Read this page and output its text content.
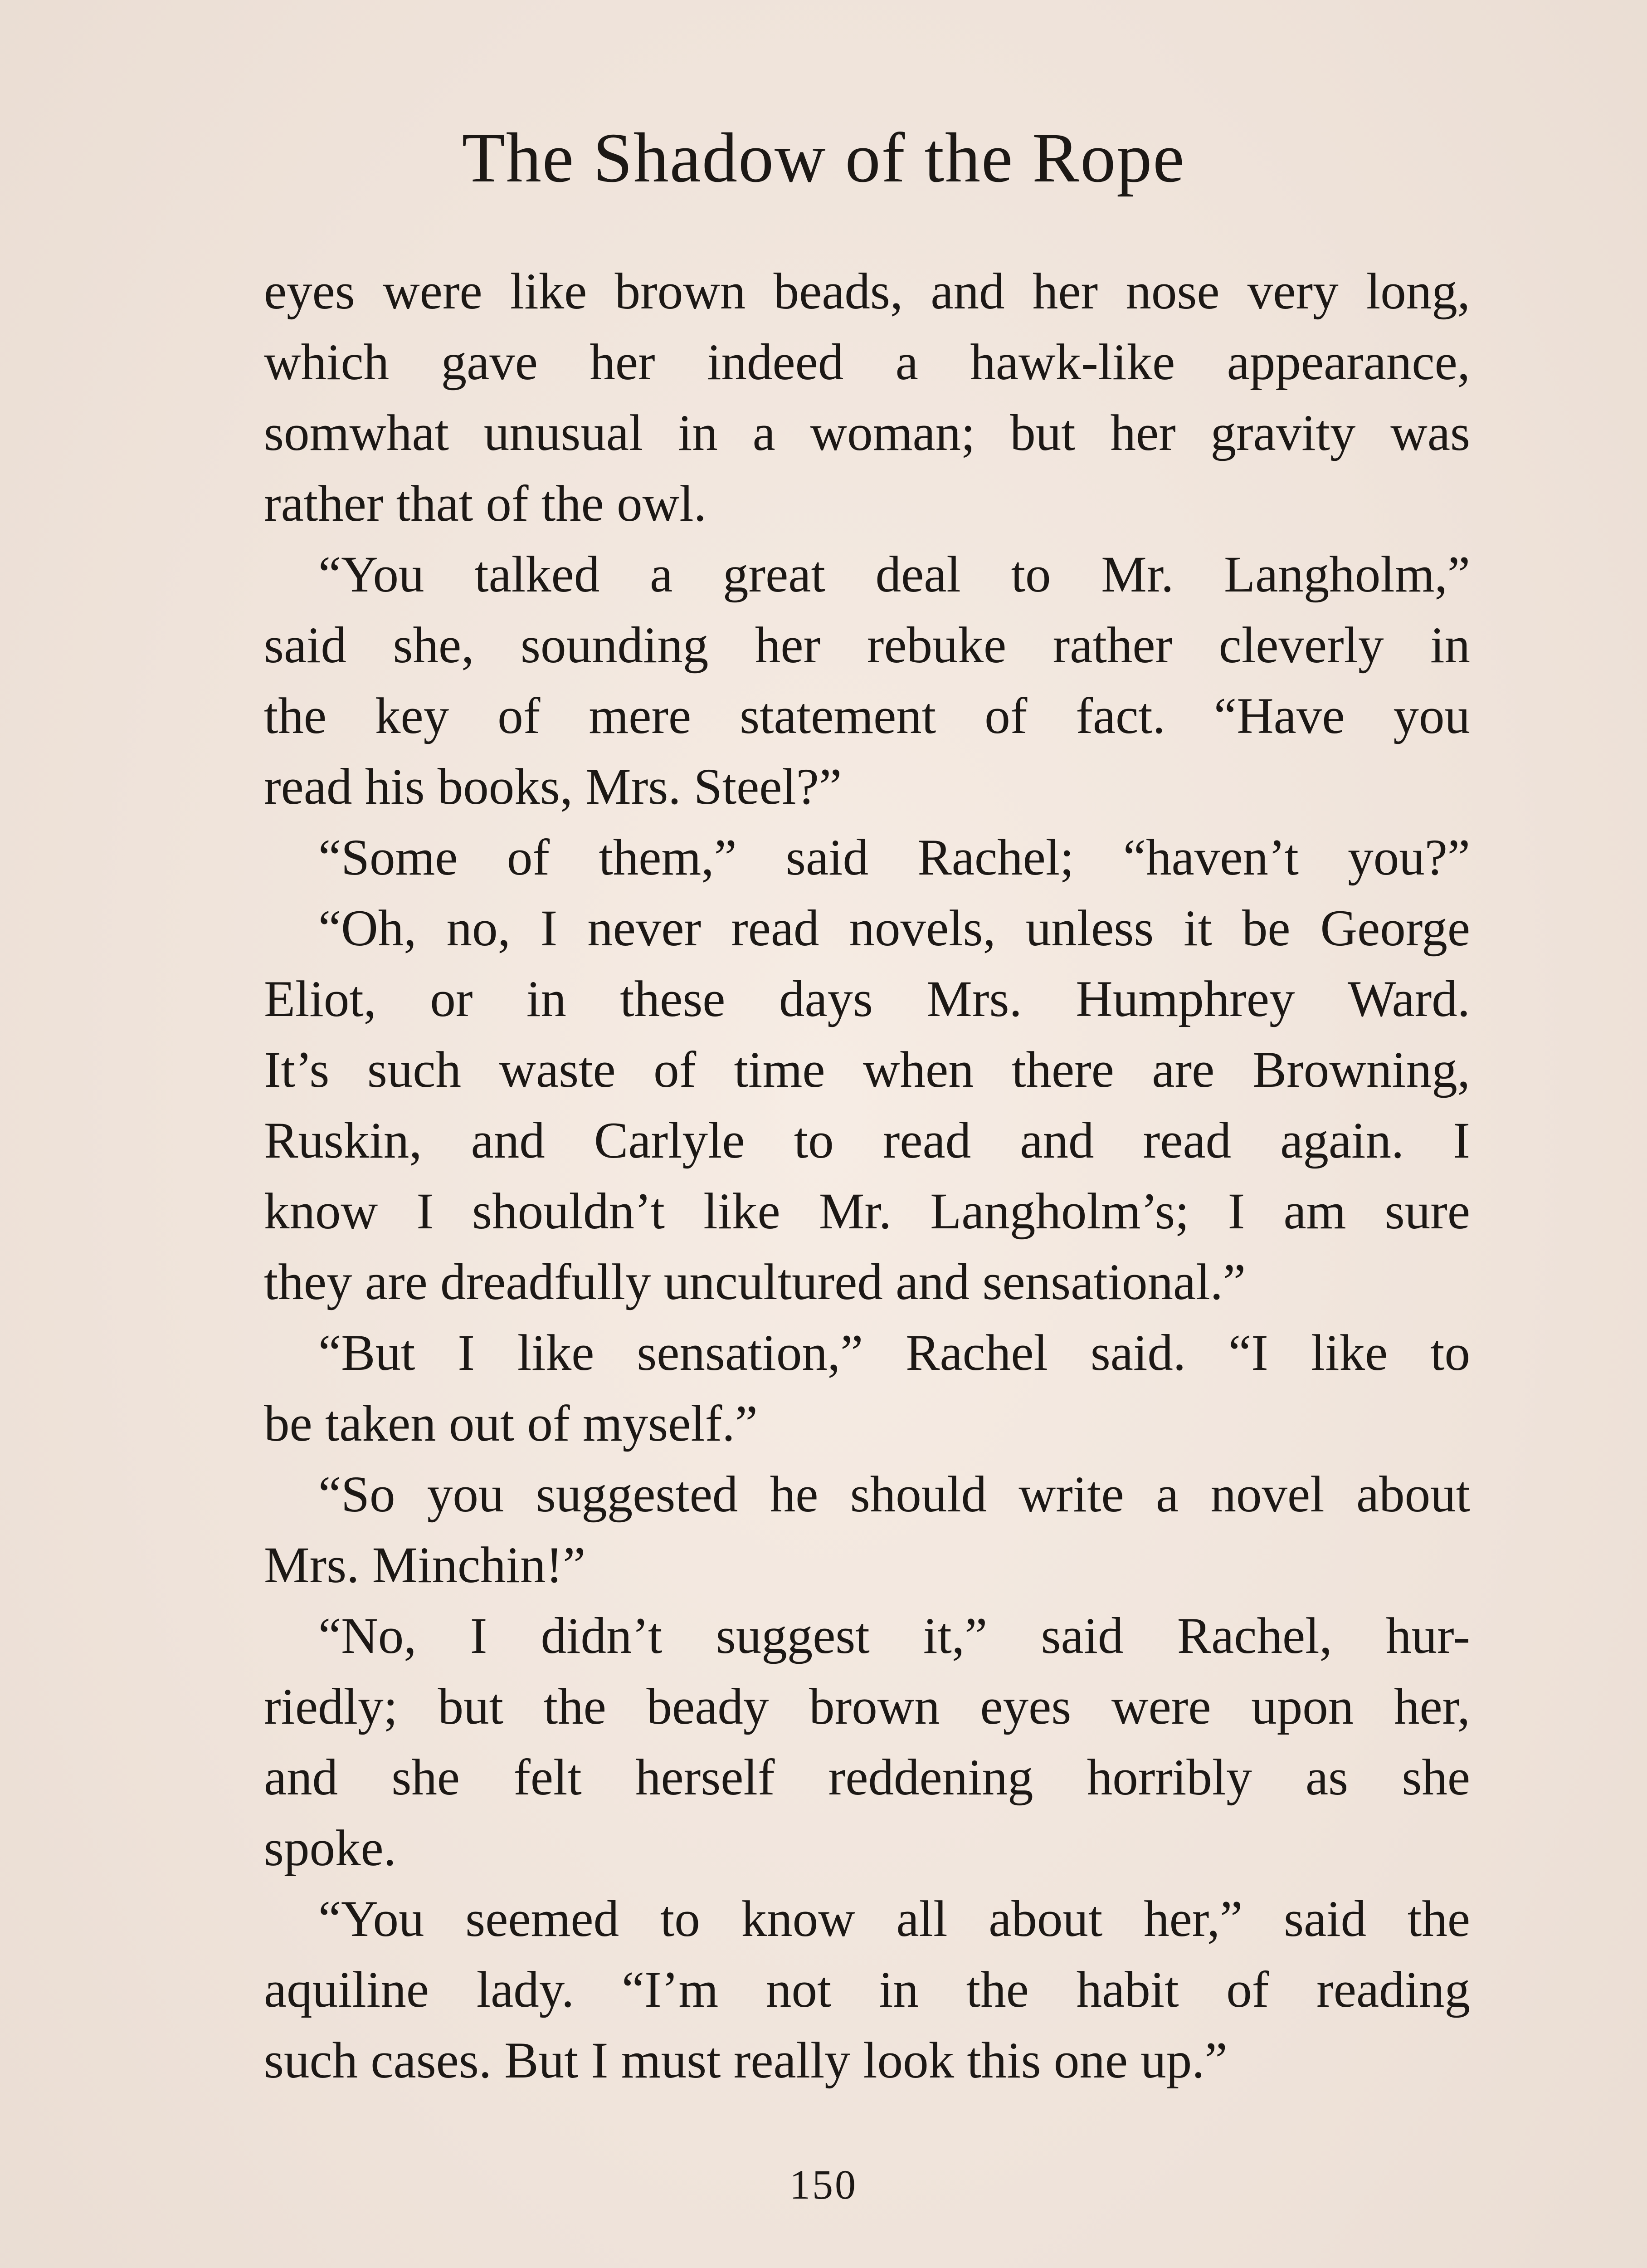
The Shadow of the Rope
eyes were like brown beads, and her nose very long,
which gave her indeed a hawk-like appearance,
somwhat unusual in a woman; but her gravity was
rather that of the owl.
“You talked a great deal to Mr. Langholm,”
said she, sounding her rebuke rather cleverly in
the key of mere statement of fact. “Have you
read his books, Mrs. Steel?”
“Some of them,” said Rachel; “haven’t you?”
“Oh, no, I never read novels, unless it be George
Eliot, or in these days Mrs. Humphrey Ward.
It’s such waste of time when there are Browning,
Ruskin, and Carlyle to read and read again. I
know I shouldn’t like Mr. Langholm’s; I am sure
they are dreadfully uncultured and sensational.”
“But I like sensation,” Rachel said. “I like to
be taken out of myself.”
“So you suggested he should write a novel about
Mrs. Minchin!”
“No, I didn’t suggest it,” said Rachel, hur-
riedly; but the beady brown eyes were upon her,
and she felt herself reddening horribly as she
spoke.
“You seemed to know all about her,” said the
aquiline lady. “I’m not in the habit of reading
such cases. But I must really look this one up.”
150
